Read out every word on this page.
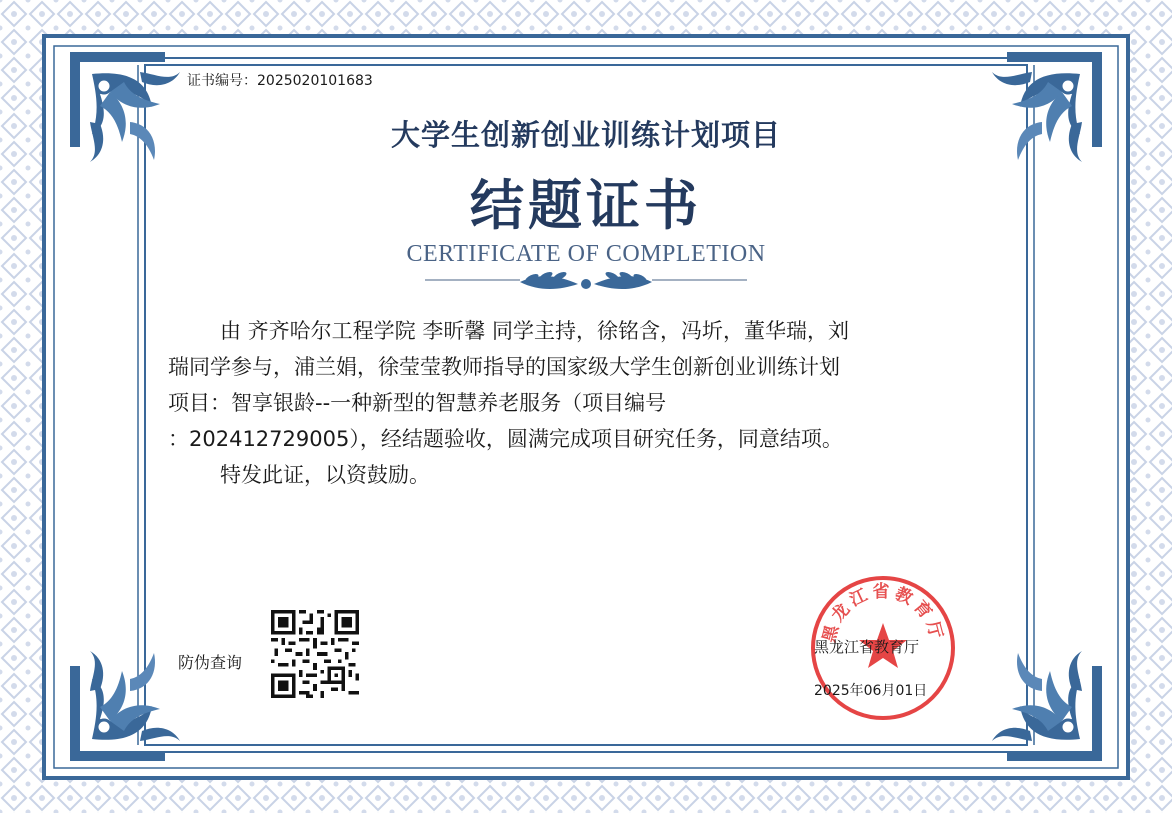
证书编号：2025020101683
大学生创新创业训练计划项目
结题证书
CERTIFICATE OF COMPLETION
由 齐齐哈尔工程学院 李昕馨 同学主持，徐铭含，冯圻，董华瑞，刘
瑞同学参与，浦兰娟，徐莹莹教师指导的国家级大学生创新创业训练计划
项目：智享银龄--一种新型的智慧养老服务（项目编号
：202412729005），经结题验收，圆满完成项目研究任务，同意结项。
特发此证，以资鼓励。
防伪查询
黑龙江省教育厅
黑龙江省教育厅
2025年06月01日
